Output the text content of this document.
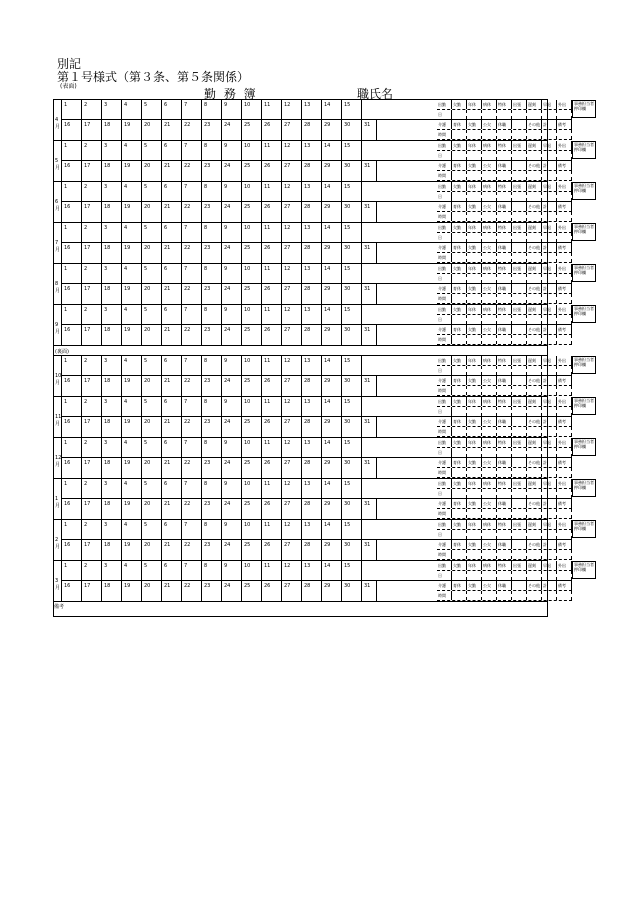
別記
第１号様式（第３条、第５条関係）
(表面)
勤 務 簿	職氏名
4月
1	2	3	4	5	6	7	8	9	10	11	12	13	14	15
16	17	18	19	20	21	22	23	24	25	26	27	28	29	30	31
出勤 欠勤 年休 病休 特休 出張 遅刻 早退 外出
日
介護 育休 欠勤 公欠 休職	その他 計	備考
時間
事務担当者
押印欄
5月
1	2	3	4	5	6	7	8	9	10	11	12	13	14	15
16	17	18	19	20	21	22	23	24	25	26	27	28	29	30	31
出勤 欠勤 年休 病休 特休 出張 遅刻 早退 外出
日
介護 育休 欠勤 公欠 休職	その他 計	備考
時間
事務担当者
押印欄
6月
1	2	3	4	5	6	7	8	9	10	11	12	13	14	15
16	17	18	19	20	21	22	23	24	25	26	27	28	29	30	31
出勤 欠勤 年休 病休 特休 出張 遅刻 早退 外出
日
介護 育休 欠勤 公欠 休職	その他 計	備考
時間
事務担当者
押印欄
7月
1	2	3	4	5	6	7	8	9	10	11	12	13	14	15
16	17	18	19	20	21	22	23	24	25	26	27	28	29	30	31
出勤 欠勤 年休 病休 特休 出張 遅刻 早退 外出
日
介護 育休 欠勤 公欠 休職	その他 計	備考
時間
事務担当者
押印欄
8月
1	2	3	4	5	6	7	8	9	10	11	12	13	14	15
16	17	18	19	20	21	22	23	24	25	26	27	28	29	30	31
出勤 欠勤 年休 病休 特休 出張 遅刻 早退 外出
日
介護 育休 欠勤 公欠 休職	その他 計	備考
時間
事務担当者
押印欄
9月
1	2	3	4	5	6	7	8	9	10	11	12	13	14	15
16	17	18	19	20	21	22	23	24	25	26	27	28	29	30	31
出勤 欠勤 年休 病休 特休 出張 遅刻 早退 外出
日
介護 育休 欠勤 公欠 休職	その他 計	備考
時間
事務担当者
押印欄
(裏面)
10月
1	2	3	4	5	6	7	8	9	10	11	12	13	14	15
16	17	18	19	20	21	22	23	24	25	26	27	28	29	30	31
出勤 欠勤 年休 病休 特休 出張 遅刻 早退 外出
日
介護 育休 欠勤 公欠 休職	その他 計	備考
時間
事務担当者
押印欄
11月
1	2	3	4	5	6	7	8	9	10	11	12	13	14	15
16	17	18	19	20	21	22	23	24	25	26	27	28	29	30	31
出勤 欠勤 年休 病休 特休 出張 遅刻 早退 外出
日
介護 育休 欠勤 公欠 休職	その他 計	備考
時間
事務担当者
押印欄
12月
1	2	3	4	5	6	7	8	9	10	11	12	13	14	15
16	17	18	19	20	21	22	23	24	25	26	27	28	29	30	31
出勤 欠勤 年休 病休 特休 出張 遅刻 早退 外出
日
介護 育休 欠勤 公欠 休職	その他 計	備考
時間
事務担当者
押印欄
1月
1	2	3	4	5	6	7	8	9	10	11	12	13	14	15
16	17	18	19	20	21	22	23	24	25	26	27	28	29	30	31
出勤 欠勤 年休 病休 特休 出張 遅刻 早退 外出
日
介護 育休 欠勤 公欠 休職	その他 計	備考
時間
事務担当者
押印欄
2月
1	2	3	4	5	6	7	8	9	10	11	12	13	14	15
16	17	18	19	20	21	22	23	24	25	26	27	28	29	30	31
出勤 欠勤 年休 病休 特休 出張 遅刻 早退 外出
日
介護 育休 欠勤 公欠 休職	その他 計	備考
時間
事務担当者
押印欄
3月
1	2	3	4	5	6	7	8	9	10	11	12	13	14	15
16	17	18	19	20	21	22	23	24	25	26	27	28	29	30	31
出勤 欠勤 年休 病休 特休 出張 遅刻 早退 外出
日
介護 育休 欠勤 公欠 休職	その他 計	備考
時間
事務担当者
押印欄
備考
